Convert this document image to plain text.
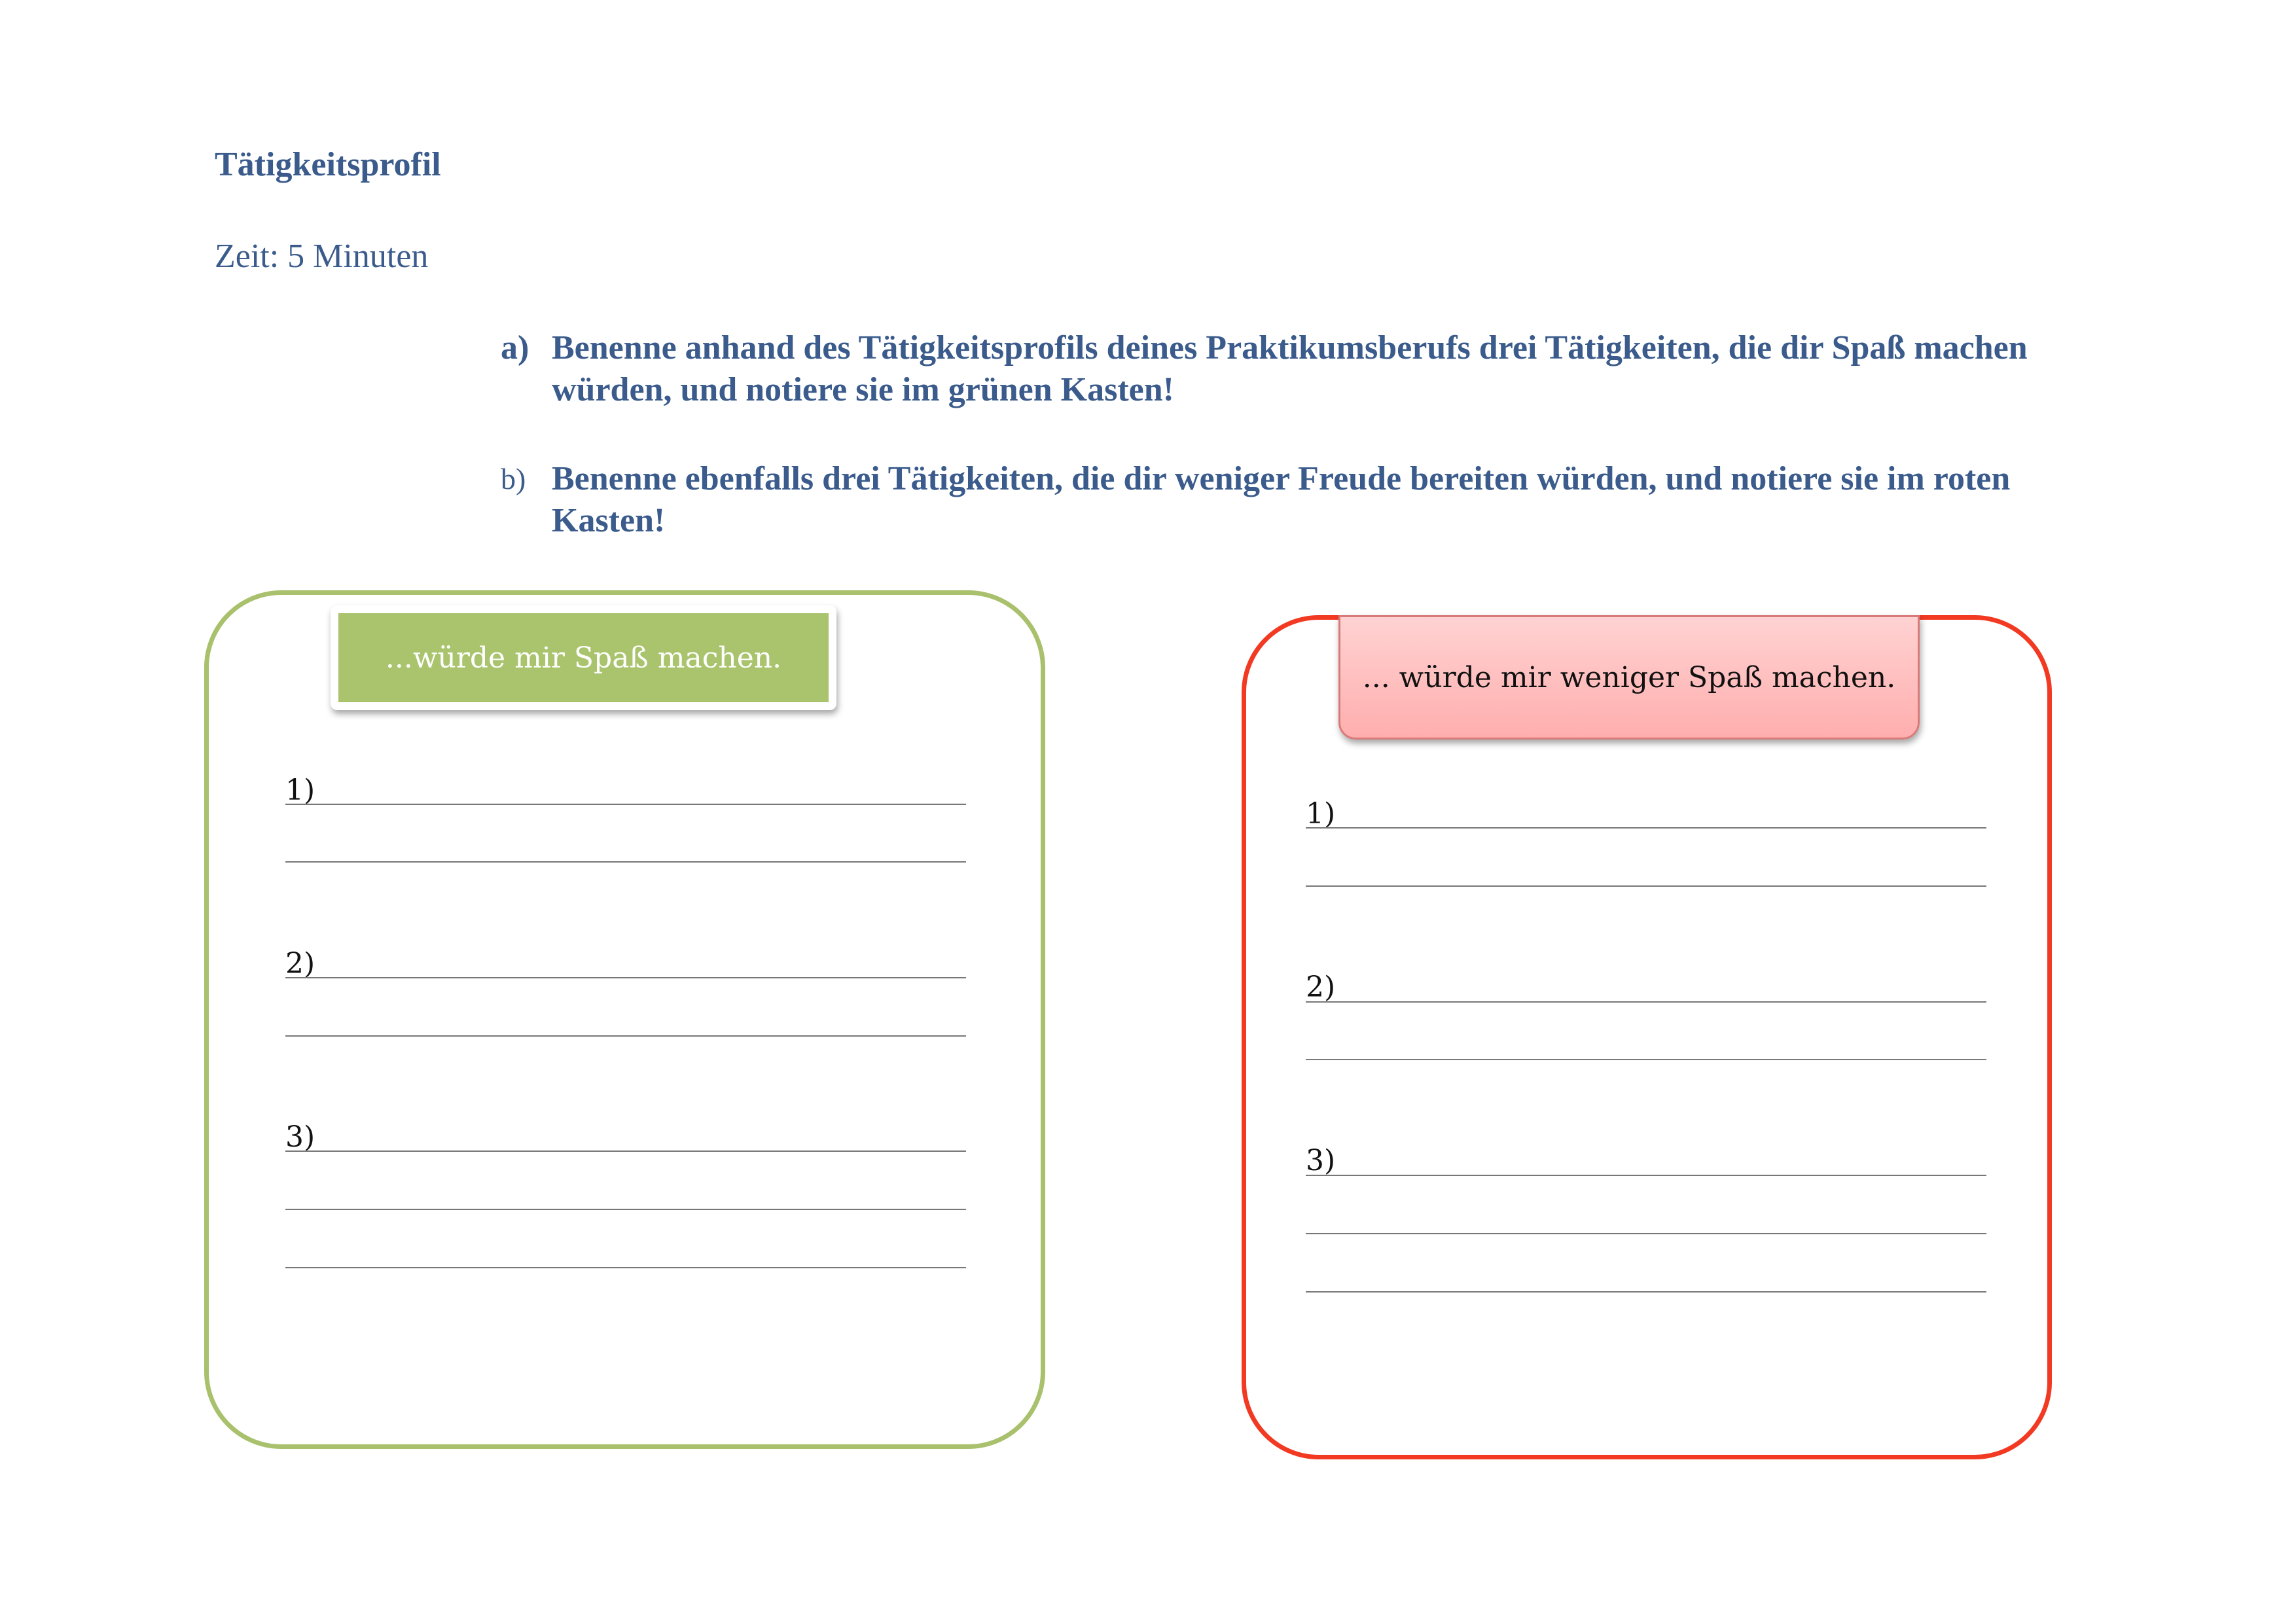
Tätigkeitsprofil

Zeit: 5 Minuten

a) Benenne anhand des Tätigkeitsprofils deines Praktikumsberufs drei Tätigkeiten, die dir Spaß machen würden, und notiere sie im grünen Kasten!
b) Benenne ebenfalls drei Tätigkeiten, die dir weniger Freude bereiten würden, und notiere sie im roten Kasten!
...würde mir Spaß machen.
1)
2)
3)
... würde mir weniger Spaß machen.
1)
2)
3)
